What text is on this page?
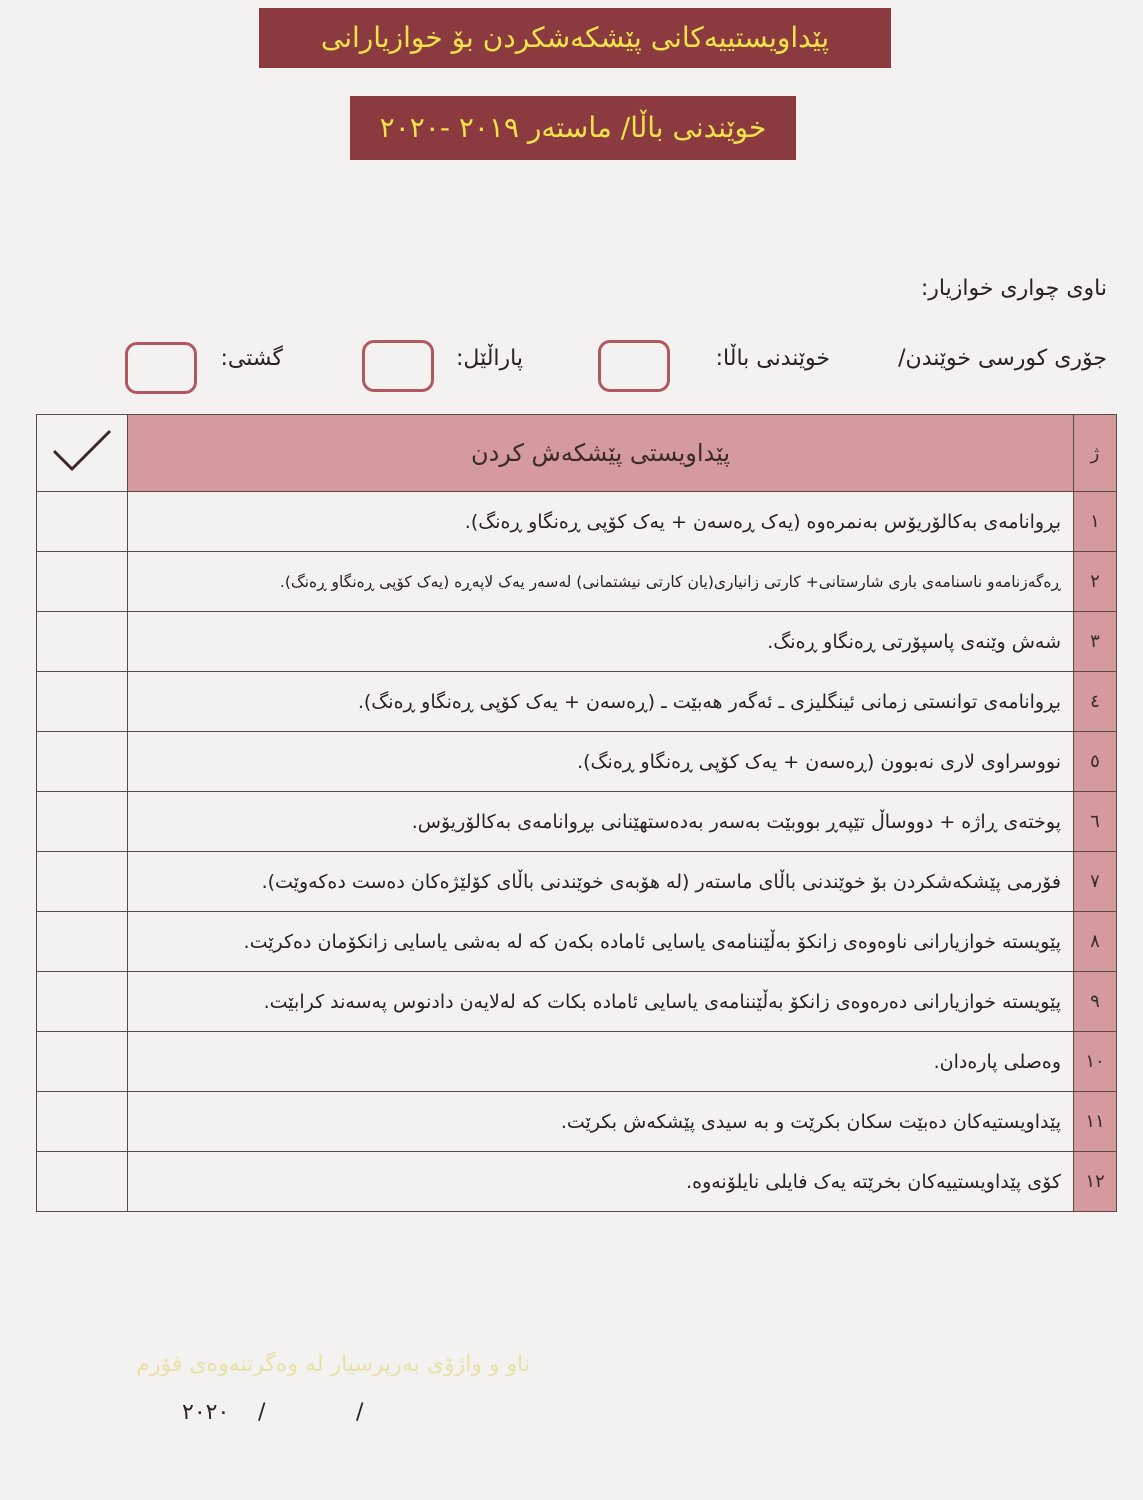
پێداویستییەکانی پێشکەشکردن بۆ خوازیارانی
خوێندنی باڵا/ ماستەر ٢٠١٩ -٢٠٢٠
ناوی چواری خوازیار:
جۆری کورسی خوێندن/
خوێندنی باڵا:
پاراڵێل:
گشتی:
ژ	پێداویستی پێشکەش کردن	
١	بڕوانامەی بەکالۆریۆس بەنمرەوە (یەک ڕەسەن + یەک کۆپی ڕەنگاو ڕەنگ).	
٢	ڕەگەزنامەو ناسنامەی باری شارستانی+ کارتی زانیاری(یان کارتی نیشتمانی) لەسەر یەک لاپەڕە (یەک کۆپی ڕەنگاو ڕەنگ).	
٣	شەش وێنەی پاسپۆرتی ڕەنگاو ڕەنگ.	
٤	بڕوانامەی توانستی زمانی ئینگلیزی ـ ئەگەر هەبێت ـ (ڕەسەن + یەک کۆپی ڕەنگاو ڕەنگ).	
٥	نووسراوی لاری نەبوون (ڕەسەن + یەک کۆپی ڕەنگاو ڕەنگ).	
٦	پوختەی ڕاژە + دووساڵ تێپەڕ بووبێت بەسەر بەدەستهێنانی بڕوانامەی بەکالۆریۆس.	
٧	فۆرمی پێشکەشکردن بۆ خوێندنی باڵای ماستەر (لە هۆبەی خوێندنی باڵای کۆلێژەکان دەست دەکەوێت).	
٨	پێویستە خوازیارانی ناوەوەی زانکۆ بەڵێننامەی یاسایی ئامادە بکەن کە لە بەشی یاسایی زانکۆمان دەکرێت.	
٩	پێویستە خوازیارانی دەرەوەی زانکۆ بەڵێننامەی یاسایی ئامادە بکات کە لەلایەن دادنوس پەسەند کرابێت.	
١٠	وەصلی پارەدان.	
١١	پێداویستیەکان دەبێت سکان بکرێت و بە سیدی پێشکەش بکرێت.	
١٢	کۆی پێداویستییەکان بخرێتە یەک فایلی نایلۆنەوە.	
ناو و واژۆی بەرپرسیار لە وەگرتنەوەی فۆرم
٢٠٢٠ /	/
